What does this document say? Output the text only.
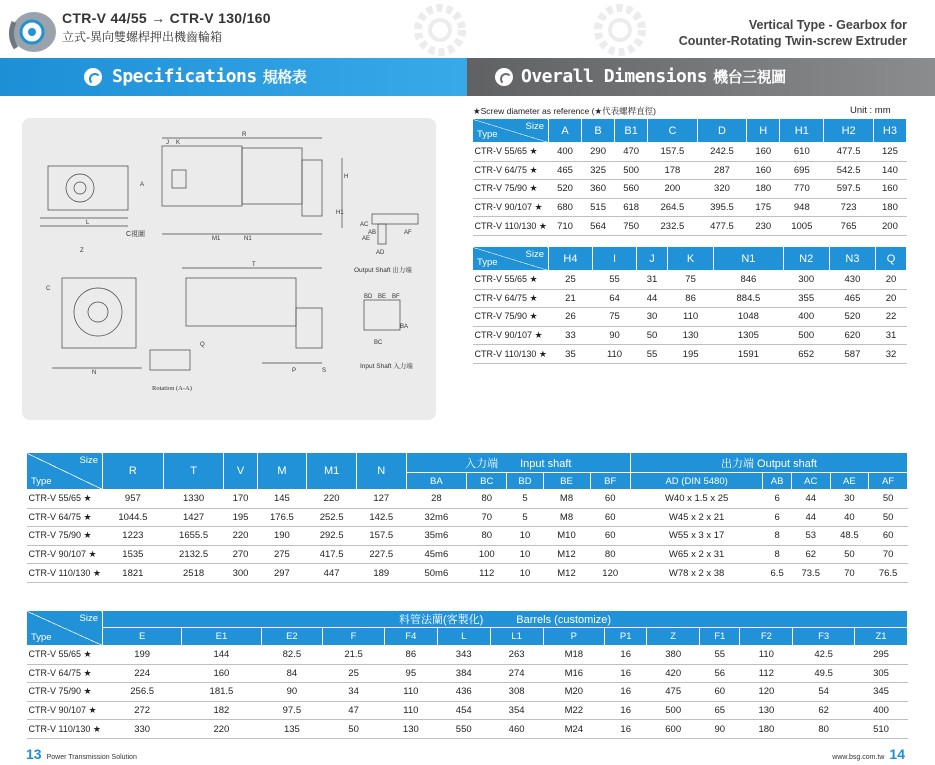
CTR-V 44/55 → CTR-V 130/160
立式-異向雙螺桿押出機齒輪箱
Vertical Type - Gearbox for
Counter-Rotating Twin-screw Extruder
Specifications 規格表	Overall Dimensions 機台三視圖
C視圖
Output Shaft 出力端
Input Shaft 入力端
Rotation (A-A)
A
C
BA
BC
BD	BF
BE
AB
AC
AD
AE
AF
K
J
R
H
H1
T
L
Z
N1
M1
Q
N	S
P
★Screw diameter as reference (★代表螺桿直徑)	Unit : mm
Size
Type	A	B	B1	C	D	H	H1	H2	H3
CTR-V 55/65 ★	400	290	470	157.5	242.5	160	610	477.5	125
CTR-V 64/75 ★	465	325	500	178	287	160	695	542.5	140
CTR-V 75/90 ★	520	360	560	200	320	180	770	597.5	160
CTR-V 90/107 ★	680	515	618	264.5	395.5	175	948	723	180
CTR-V 110/130 ★	710	564	750	232.5	477.5	230	1005	765	200
Size
Type	H4	I	J	K	N1	N2	N3	Q
CTR-V 55/65 ★	25	55	31	75	846	300	430	20
CTR-V 64/75 ★	21	64	44	86	884.5	355	465	20
CTR-V 75/90 ★	26	75	30	110	1048	400	520	22
CTR-V 90/107 ★	33	90	50	130	1305	500	620	31
CTR-V 110/130 ★	35	110	55	195	1591	652	587	32
Size
Type	R	T	V	M	M1	N	入力端　　Input shaft					出力端 Output shaft				
							BA	BC	BD	BE	BF	AD (DIN 5480)	AB	AC	AE	AF
CTR-V 55/65 ★	957	1330	170	145	220	127	28	80	5	M8	60	W40 x 1.5 x 25	6	44	30	50
CTR-V 64/75 ★	1044.5	1427	195	176.5	252.5	142.5	32m6	70	5	M8	60	W45 x 2 x 21	6	44	40	50
CTR-V 75/90 ★	1223	1655.5	220	190	292.5	157.5	35m6	80	10	M10	60	W55 x 3 x 17	8	53	48.5	60
CTR-V 90/107 ★	1535	2132.5	270	275	417.5	227.5	45m6	100	10	M12	80	W65 x 2 x 31	8	62	50	70
CTR-V 110/130 ★	1821	2518	300	297	447	189	50m6	112	10	M12	120	W78 x 2 x 38	6.5	73.5	70	76.5
Size
Type	料管法蘭(客製化)　　　Barrels (customize)													
	E	E1	E2	F	F4	L	L1	P	P1	Z	F1	F2	F3	Z1
CTR-V 55/65 ★	199	144	82.5	21.5	86	343	263	M18	16	380	55	110	42.5	295
CTR-V 64/75 ★	224	160	84	25	95	384	274	M16	16	420	56	112	49.5	305
CTR-V 75/90 ★	256.5	181.5	90	34	110	436	308	M20	16	475	60	120	54	345
CTR-V 90/107 ★	272	182	97.5	47	110	454	354	M22	16	500	65	130	62	400
CTR-V 110/130 ★	330	220	135	50	130	550	460	M24	16	600	90	180	80	510
13 Power Transmission Solution	www.bsg.com.tw 14
